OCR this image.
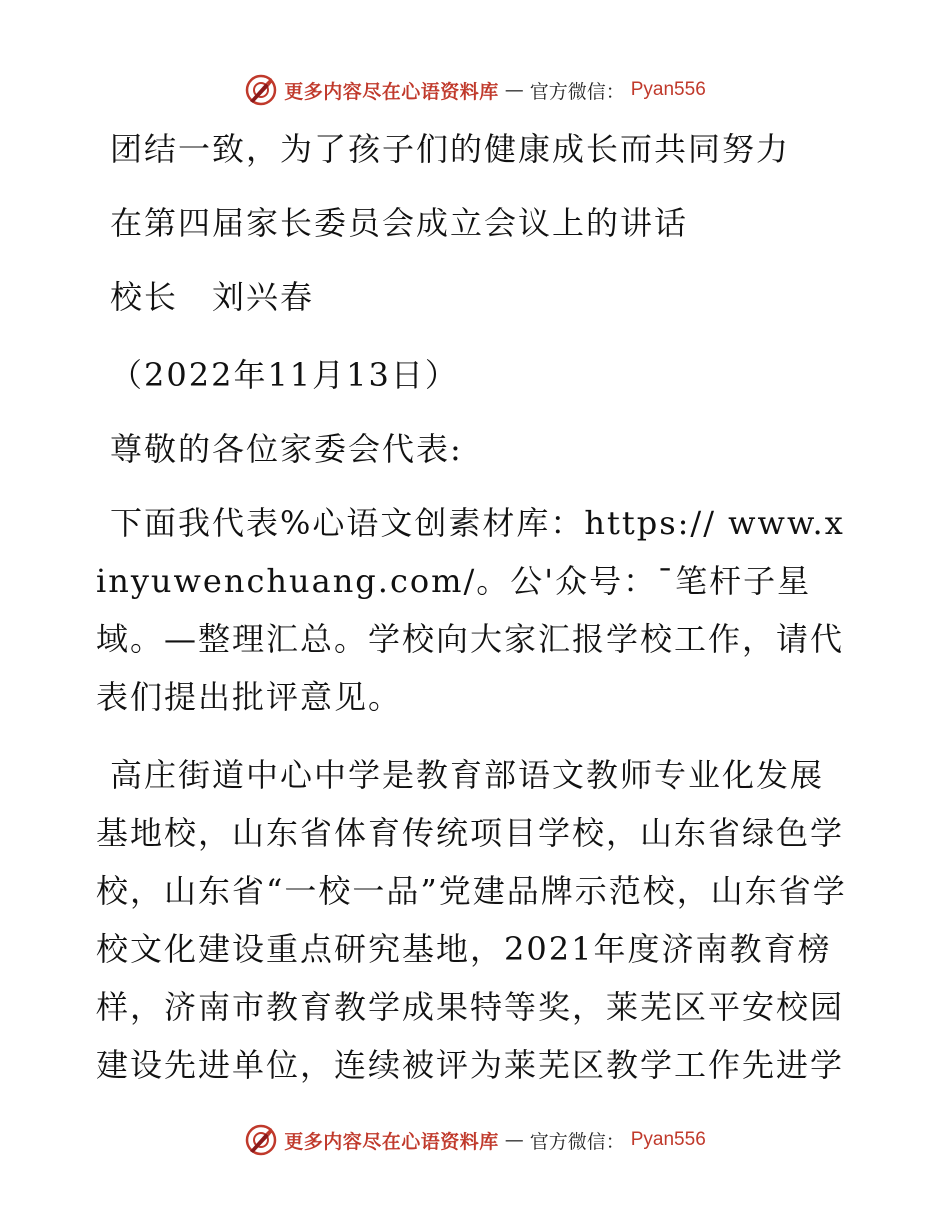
更多内容尽在心语资料库 — 官方微信： Pyan556

团结一致，为了孩子们的健康成长而共同努力

在第四届家长委员会成立会议上的讲话

校长　刘兴春

（2022年11月13日）

尊敬的各位家委会代表:

下面我代表%心语文创素材库：https:// www.xinyuwenchuang.com/。公'众号：¯笔杆子星域。—整理汇总。学校向大家汇报学校工作，请代表们提出批评意见。

高庄街道中心中学是教育部语文教师专业化发展基地校，山东省体育传统项目学校，山东省绿色学校，山东省“一校一品”党建品牌示范校，山东省学校文化建设重点研究基地，2021年度济南教育榜样，济南市教育教学成果特等奖，莱芜区平安校园建设先进单位，连续被评为莱芜区教学工作先进学

更多内容尽在心语资料库 — 官方微信： Pyan556
